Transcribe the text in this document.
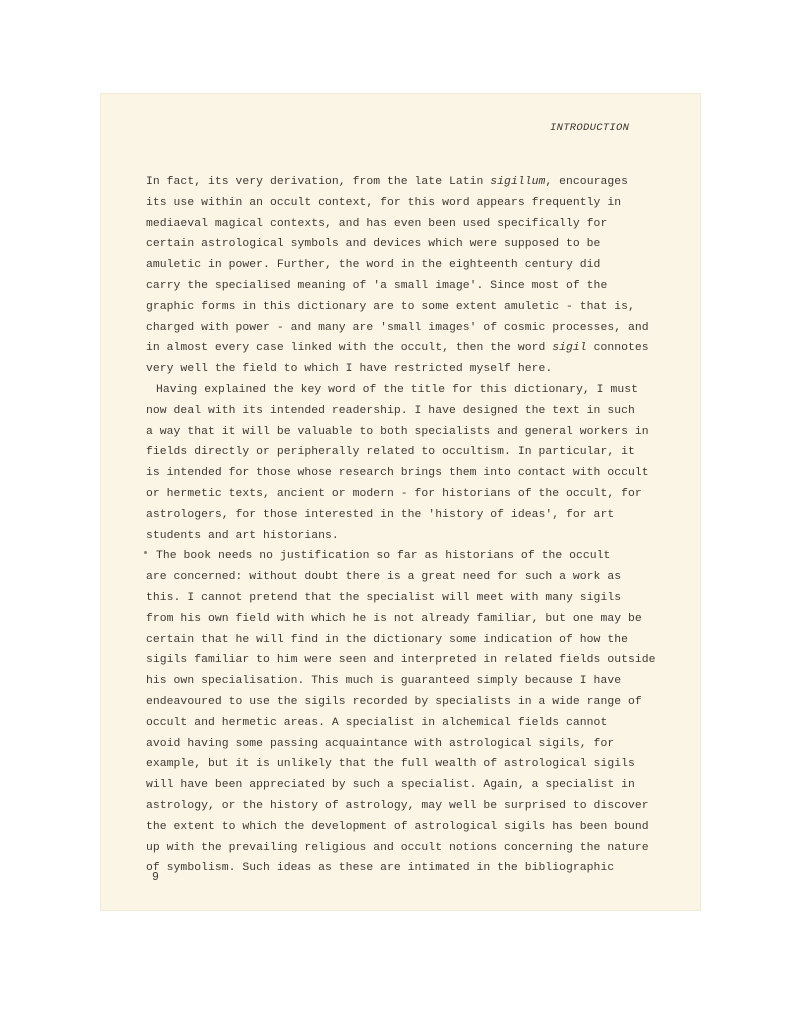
INTRODUCTION
In fact, its very derivation, from the late Latin sigillum, encourages
its use within an occult context, for this word appears frequently in
mediaeval magical contexts, and has even been used specifically for
certain astrological symbols and devices which were supposed to be
amuletic in power. Further, the word in the eighteenth century did
carry the specialised meaning of 'a small image'. Since most of the
graphic forms in this dictionary are to some extent amuletic - that is,
charged with power - and many are 'small images' of cosmic processes, and
in almost every case linked with the occult, then the word sigil connotes
very well the field to which I have restricted myself here.
Having explained the key word of the title for this dictionary, I must
now deal with its intended readership. I have designed the text in such
a way that it will be valuable to both specialists and general workers in
fields directly or peripherally related to occultism. In particular, it
is intended for those whose research brings them into contact with occult
or hermetic texts, ancient or modern - for historians of the occult, for
astrologers, for those interested in the 'history of ideas', for art
students and art historians.
The book needs no justification so far as historians of the occult
are concerned: without doubt there is a great need for such a work as
this. I cannot pretend that the specialist will meet with many sigils
from his own field with which he is not already familiar, but one may be
certain that he will find in the dictionary some indication of how the
sigils familiar to him were seen and interpreted in related fields outside
his own specialisation. This much is guaranteed simply because I have
endeavoured to use the sigils recorded by specialists in a wide range of
occult and hermetic areas. A specialist in alchemical fields cannot
avoid having some passing acquaintance with astrological sigils, for
example, but it is unlikely that the full wealth of astrological sigils
will have been appreciated by such a specialist. Again, a specialist in
astrology, or the history of astrology, may well be surprised to discover
the extent to which the development of astrological sigils has been bound
up with the prevailing religious and occult notions concerning the nature
of symbolism. Such ideas as these are intimated in the bibliographic
9
